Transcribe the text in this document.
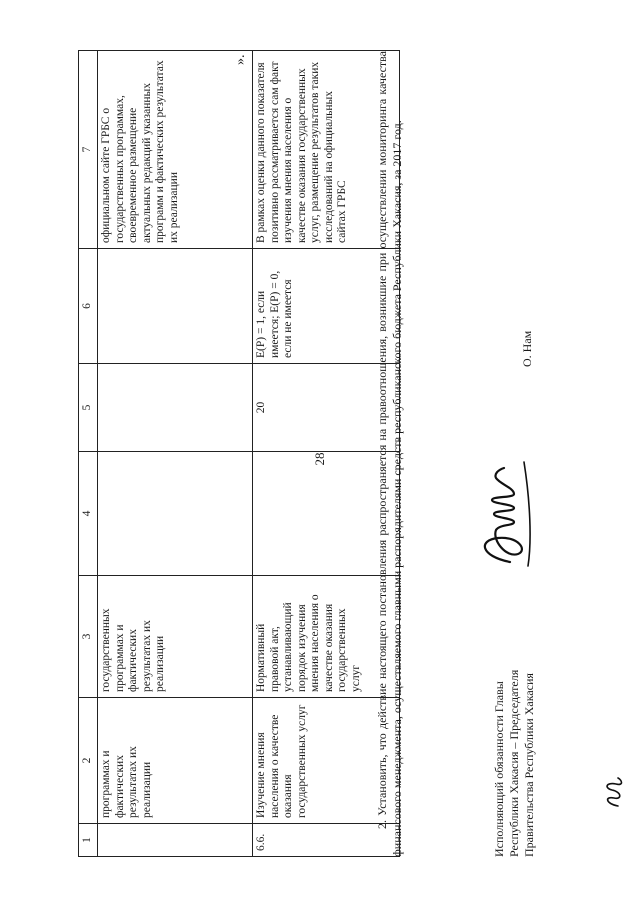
28
1	2	3	4	5	6	7
	программах и фактических результатах их реализации	государственных программах и фактических результатах их реализации				официальном сайте ГРБС о государственных программах, своевременное размещение актуальных редакций указанных программ и фактических результатах их реализации
6.6.	Изучение мнения населения о качестве оказания государственных услуг	Нормативный правовой акт, устанавливающий порядок изучения мнения населения о качестве оказания государственных услуг		20	E(P) = 1, если имеется; E(P) = 0, если не имеется	В рамках оценки данного показателя позитивно рассматривается сам факт изучения мнения населения о качестве оказания государственных услуг, размещение результатов таких исследований на официальных сайтах ГРБС
».	2. Установить, что действие настоящего постановления распространяется на правоотношения, возникшие при осуществлении мониторинга качества финансового менеджмента, осуществляемого главными распорядителями средств республиканского бюджета Республики Хакасия, за 2017 год.	Исполняющий обязанности Главы Республики Хакасия – Председателя Правительства Республики Хакасия
О. Нам
